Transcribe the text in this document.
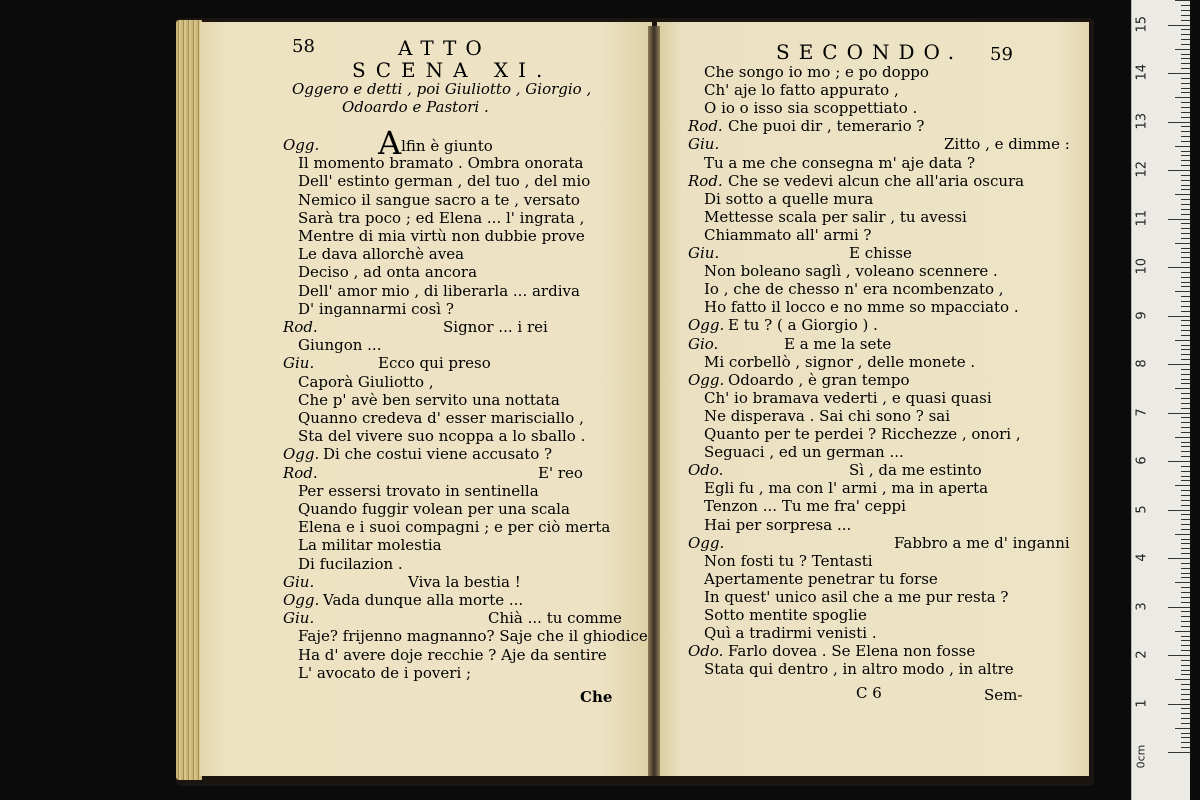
58	ATTO
SCENA XI.
Oggero e detti , poi Giuliotto , Giorgio ,
Odoardo e Pastori .
Ogg. Alfin è giunto
Il momento bramato . Ombra onorata
Dell' estinto german , del tuo , del mio
Nemico il sangue sacro a te , versato
Sarà tra poco ; ed Elena ... l' ingrata ,
Mentre di mia virtù non dubbie prove
Le dava allorchè avea
Deciso , ad onta ancora
Dell' amor mio , di liberarla ... ardiva
D' ingannarmi così ?
Rod.	Signor ... i rei
Giungon ...
Giu.	Ecco qui preso
Caporà Giuliotto ,
Che p' avè ben servito una nottata
Quanno credeva d' esser marisciallo ,
Sta del vivere suo ncoppa a lo sballo .
Ogg. Di che costui viene accusato ?
Rod.	E' reo
Per essersi trovato in sentinella
Quando fuggir volean per una scala
Elena e i suoi compagni ; e per ciò merta
La militar molestia
Di fucilazion .
Giu.	Viva la bestia !
Ogg. Vada dunque alla morte ...
Giu.	Chià ... tu comme
Faje? frijenno magnanno? Saje che il ghiodice
Ha d' avere doje recchie ? Aje da sentire
L' avocato de i poveri ;
Che
SECONDO. 59
Che songo io mo ; e po doppo
Ch' aje lo fatto appurato ,
O io o isso sia scoppettiato .
Rod. Che puoi dir , temerario ?
Giu.	Zitto , e dimme :
Tu a me che consegna m' aje data ?
Rod. Che se vedevi alcun che all'aria oscura
Di sotto a quelle mura
Mettesse scala per salir , tu avessi
Chiammato all' armi ?
Giu.	E chisse
Non boleano saglì , voleano scennere .
Io , che de chesso n' era ncombenzato ,
Ho fatto il locco e no mme so mpacciato .
Ogg. E tu ? ( a Giorgio ) .
Gio.	E a me la sete
Mi corbellò , signor , delle monete .
Ogg. Odoardo , è gran tempo
Ch' io bramava vederti , e quasi quasi
Ne disperava . Sai chi sono ? sai
Quanto per te perdei ? Ricchezze , onori ,
Seguaci , ed un german ...
Odo.	Sì , da me estinto
Egli fu , ma con l' armi , ma in aperta
Tenzon ... Tu me fra' ceppi
Hai per sorpresa ...
Ogg.	Fabbro a me d' inganni
Non fosti tu ? Tentasti
Apertamente penetrar tu forse
In quest' unico asil che a me pur resta ?
Sotto mentite spoglie
Quì a tradirmi venisti .
Odo. Farlo dovea . Se Elena non fosse
Stata qui dentro , in altro modo , in altre
C 6	Sem-
0cm
1
2
3
4
5
6
7
8
9
10
11
12
13
14
15
